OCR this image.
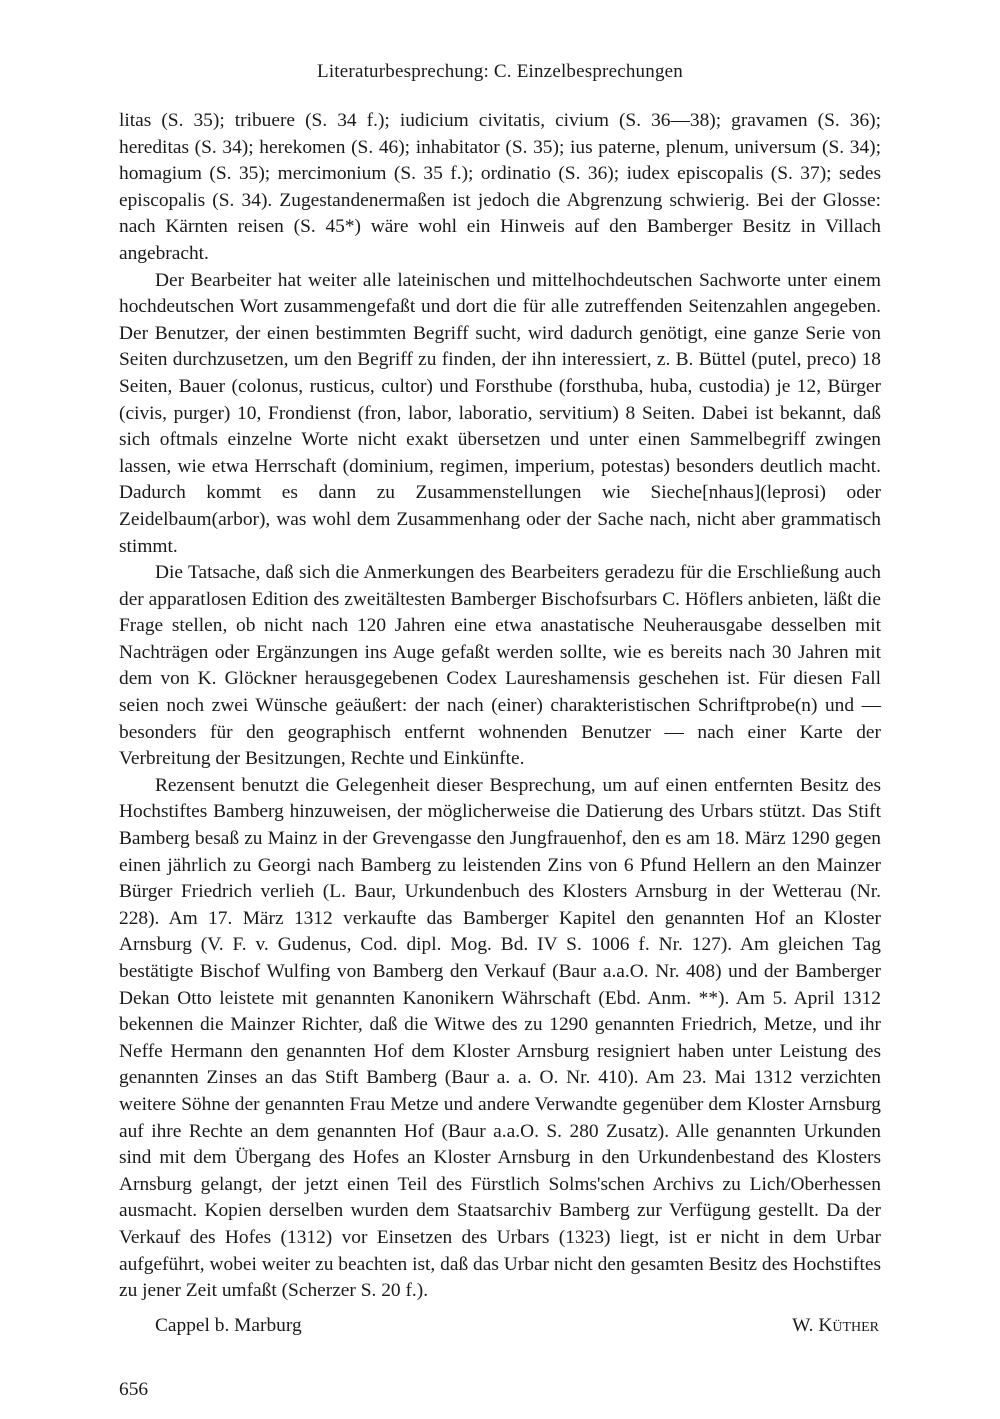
Literaturbesprechung: C. Einzelbesprechungen

litas (S. 35); tribuere (S. 34 f.); iudicium civitatis, civium (S. 36—38); gravamen (S. 36); hereditas (S. 34); herekomen (S. 46); inhabitator (S. 35); ius paterne, plenum, universum (S. 34); homagium (S. 35); mercimonium (S. 35 f.); ordinatio (S. 36); iudex episcopalis (S. 37); sedes episcopalis (S. 34). Zugestandenermaßen ist jedoch die Abgrenzung schwierig. Bei der Glosse: nach Kärnten reisen (S. 45*) wäre wohl ein Hinweis auf den Bamberger Besitz in Villach angebracht.

Der Bearbeiter hat weiter alle lateinischen und mittelhochdeutschen Sachworte unter einem hochdeutschen Wort zusammengefaßt und dort die für alle zutreffenden Seitenzahlen angegeben. Der Benutzer, der einen bestimmten Begriff sucht, wird dadurch genötigt, eine ganze Serie von Seiten durchzusetzen, um den Begriff zu finden, der ihn interessiert, z. B. Büttel (putel, preco) 18 Seiten, Bauer (colonus, rusticus, cultor) und Forsthube (forsthuba, huba, custodia) je 12, Bürger (civis, purger) 10, Frondienst (fron, labor, laboratio, servitium) 8 Seiten. Dabei ist bekannt, daß sich oftmals einzelne Worte nicht exakt übersetzen und unter einen Sammelbegriff zwingen lassen, wie etwa Herrschaft (dominium, regimen, imperium, potestas) besonders deutlich macht. Dadurch kommt es dann zu Zusammenstellungen wie Sieche[nhaus](leprosi) oder Zeidelbaum(arbor), was wohl dem Zusammenhang oder der Sache nach, nicht aber grammatisch stimmt.

Die Tatsache, daß sich die Anmerkungen des Bearbeiters geradezu für die Erschließung auch der apparatlosen Edition des zweitältesten Bamberger Bischofsurbars C. Höflers anbieten, läßt die Frage stellen, ob nicht nach 120 Jahren eine etwa anastatische Neuherausgabe desselben mit Nachträgen oder Ergänzungen ins Auge gefaßt werden sollte, wie es bereits nach 30 Jahren mit dem von K. Glöckner herausgegebenen Codex Laureshamensis geschehen ist. Für diesen Fall seien noch zwei Wünsche geäußert: der nach (einer) charakteristischen Schriftprobe(n) und — besonders für den geographisch entfernt wohnenden Benutzer — nach einer Karte der Verbreitung der Besitzungen, Rechte und Einkünfte.

Rezensent benutzt die Gelegenheit dieser Besprechung, um auf einen entfernten Besitz des Hochstiftes Bamberg hinzuweisen, der möglicherweise die Datierung des Urbars stützt. Das Stift Bamberg besaß zu Mainz in der Grevengasse den Jungfrauenhof, den es am 18. März 1290 gegen einen jährlich zu Georgi nach Bamberg zu leistenden Zins von 6 Pfund Hellern an den Mainzer Bürger Friedrich verlieh (L. Baur, Urkundenbuch des Klosters Arnsburg in der Wetterau (Nr. 228). Am 17. März 1312 verkaufte das Bamberger Kapitel den genannten Hof an Kloster Arnsburg (V. F. v. Gudenus, Cod. dipl. Mog. Bd. IV S. 1006 f. Nr. 127). Am gleichen Tag bestätigte Bischof Wulfing von Bamberg den Verkauf (Baur a.a.O. Nr. 408) und der Bamberger Dekan Otto leistete mit genannten Kanonikern Währschaft (Ebd. Anm. **). Am 5. April 1312 bekennen die Mainzer Richter, daß die Witwe des zu 1290 genannten Friedrich, Metze, und ihr Neffe Hermann den genannten Hof dem Kloster Arnsburg resigniert haben unter Leistung des genannten Zinses an das Stift Bamberg (Baur a. a. O. Nr. 410). Am 23. Mai 1312 verzichten weitere Söhne der genannten Frau Metze und andere Verwandte gegenüber dem Kloster Arnsburg auf ihre Rechte an dem genannten Hof (Baur a.a.O. S. 280 Zusatz). Alle genannten Urkunden sind mit dem Übergang des Hofes an Kloster Arnsburg in den Urkundenbestand des Klosters Arnsburg gelangt, der jetzt einen Teil des Fürstlich Solms'schen Archivs zu Lich/Oberhessen ausmacht. Kopien derselben wurden dem Staatsarchiv Bamberg zur Verfügung gestellt. Da der Verkauf des Hofes (1312) vor Einsetzen des Urbars (1323) liegt, ist er nicht in dem Urbar aufgeführt, wobei weiter zu beachten ist, daß das Urbar nicht den gesamten Besitz des Hochstiftes zu jener Zeit umfaßt (Scherzer S. 20 f.).

Cappel b. Marburg	W. Küther
656
